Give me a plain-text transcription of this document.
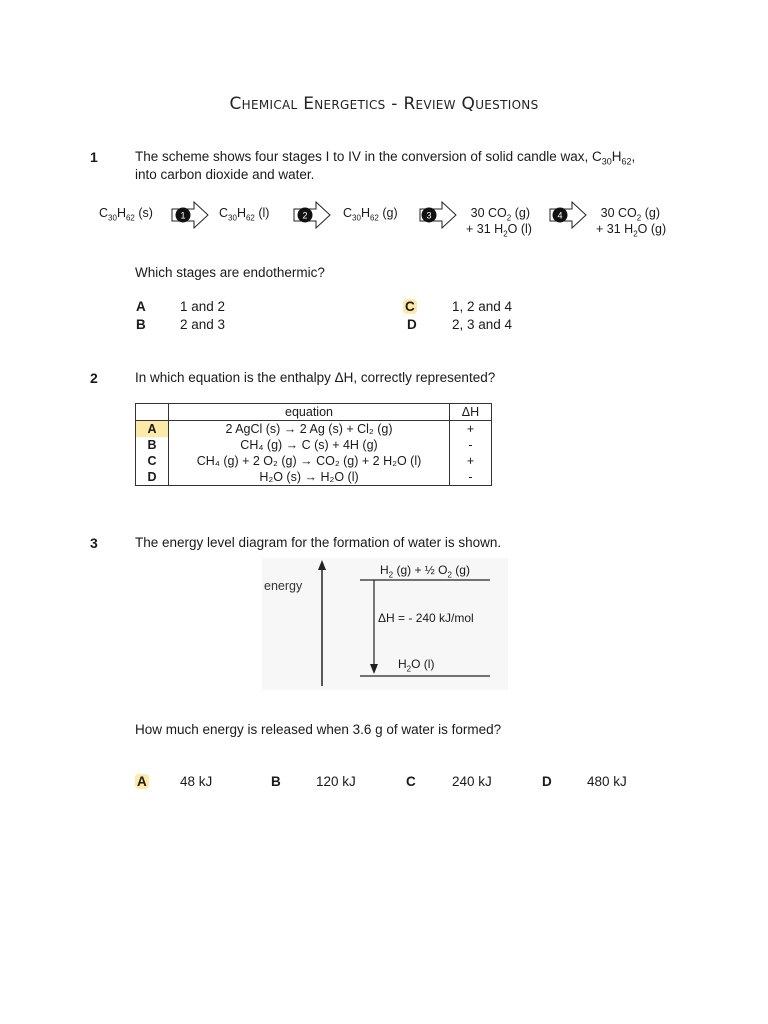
Chemical Energetics - Review Questions
1	The scheme shows four stages I to IV in the conversion of solid candle wax, $C_{30}H_{62}$,
into carbon dioxide and water.
$C_{30}H_{62}$ (s)	$C_{30}H_{62}$ (l)	$C_{30}H_{62}$ (g)	30 $CO_2$ (g)
+ 31 $H_2O$ (l)
30 $CO_2$ (g)
+ 31 $H_2O$ (g)
1	2	3	4
Which stages are endothermic?
A	1 and 2
B	2 and 3
C	1, 2 and 4
D	2, 3 and 4
2	In which equation is the enthalpy ΔH, correctly represented?
	equation	ΔH
A	2 AgCl (s) → 2 Ag (s) + Cl₂ (g)	+
B	CH₄ (g) → C (s) + 4H (g)	-
C	CH₄ (g) + 2 O₂ (g) → CO₂ (g) + 2 H₂O (l)	+
D	H₂O (s) → H₂O (l)	-
3	The energy level diagram for the formation of water is shown.
energy
$H_2$ (g) + ½ $O_2$ (g)
ΔH = - 240 kJ/mol
$H_2O$ (l)
How much energy is released when 3.6 g of water is formed?
A 48 kJ	B	120 kJ	C	240 kJ	D	480 kJ
